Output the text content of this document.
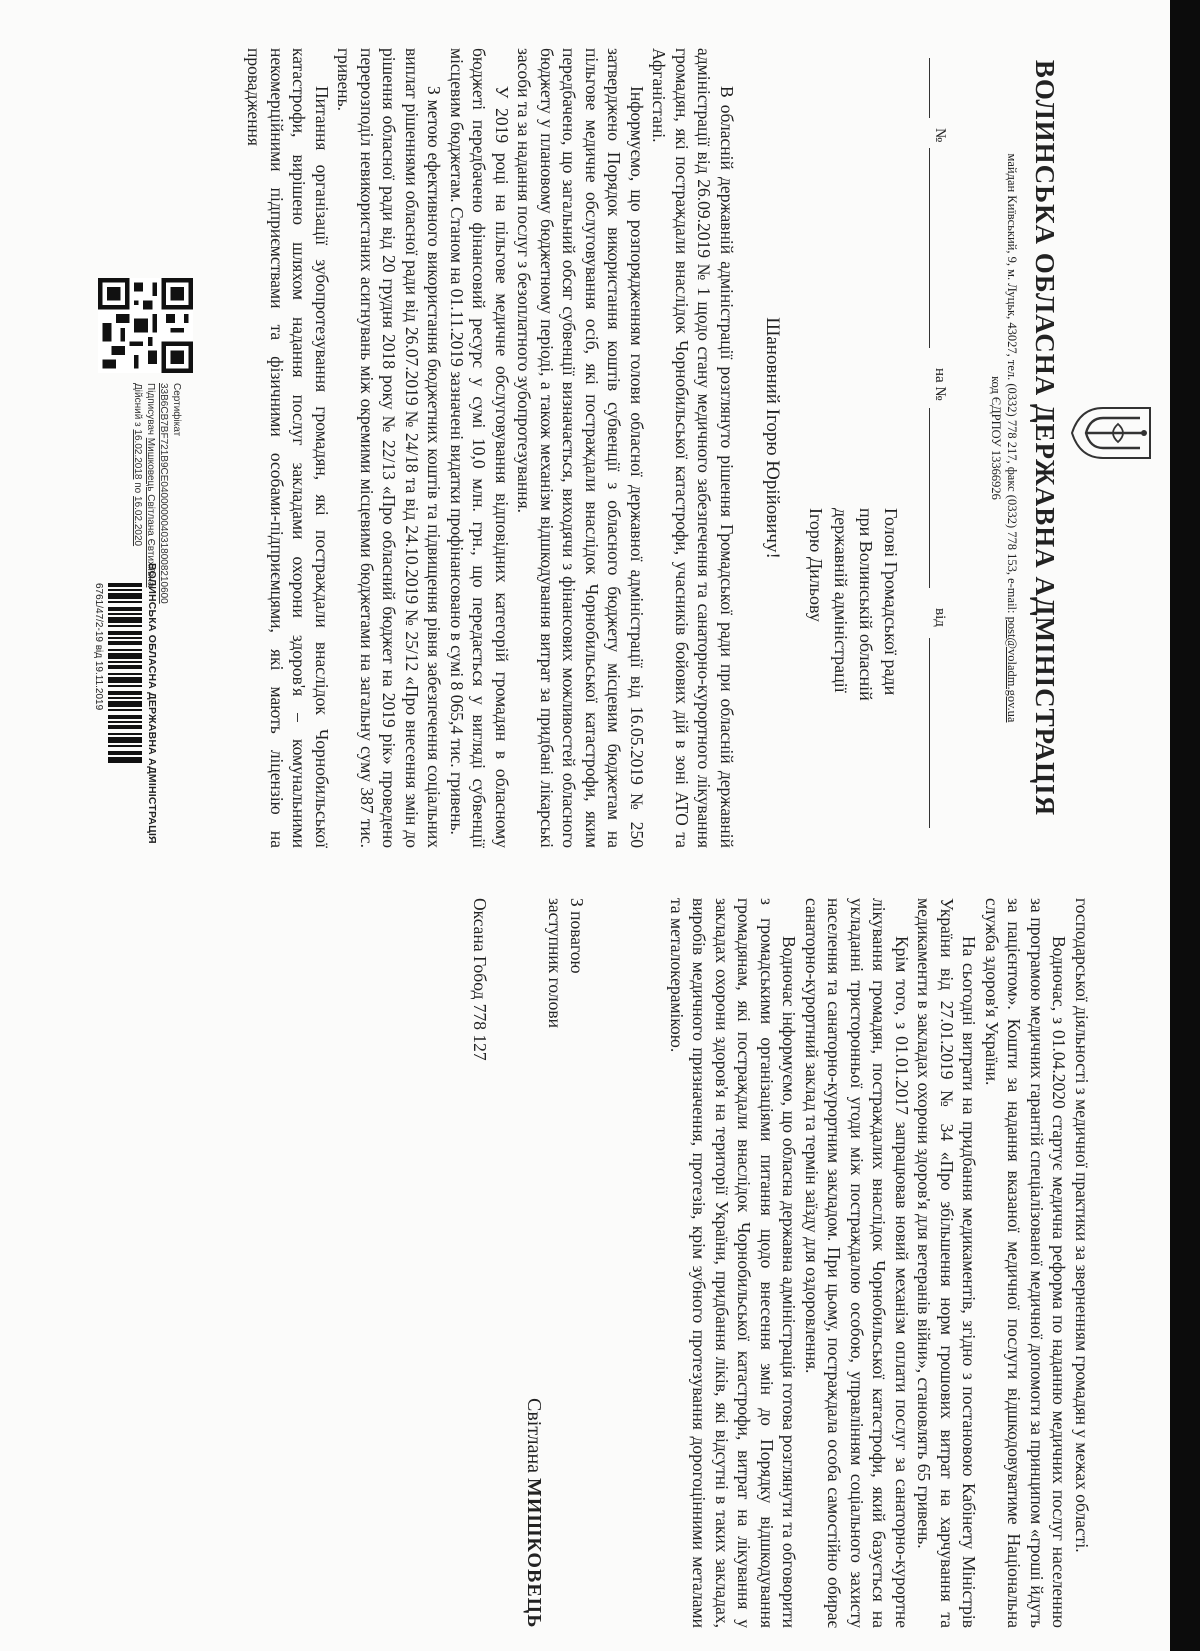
ВОЛИНСЬКА ОБЛАСНА ДЕРЖАВНА АДМІНІСТРАЦІЯ
майдан Київський, 9, м. Луцьк, 43027, тел. (0332) 778 217, факс (0332) 778 153, e-mail: post@voladm.gov.ua
код ЄДРПОУ 13366926
№
на №
від
Голові Громадської ради
при Волинській обласній
державній адміністрації
Ігорю Дильову
Шановний Ігорю Юрійовичу!

В обласній державній адміністрації розглянуто рішення Громадської ради при обласній державній адміністрації від 26.09.2019 № 1 щодо стану медичного забезпечення та санаторно-курортного лікування громадян, які постраждали внаслідок Чорнобильської катастрофи, учасників бойових дій в зоні АТО та Афганістані.

Інформуємо, що розпорядженням голови обласної державної адміністрації від 16.05.2019 № 250 затверджено Порядок використання коштів субвенції з обласного бюджету місцевим бюджетам на пільгове медичне обслуговування осіб, які постраждали внаслідок Чорнобильської катастрофи, яким передбачено, що загальний обсяг субвенції визначається, виходячи з фінансових можливостей обласного бюджету у плановому бюджетному періоді, а також механізм відшкодування витрат за придбані лікарські засоби та за надання послуг з безоплатного зубопротезування.

У 2019 році на пільгове медичне обслуговування відповідних категорій громадян в обласному бюджеті передбачено фінансовий ресурс у сумі 10,0 млн. грн., що передається у вигляді субвенції місцевим бюджетам. Станом на 01.11.2019 зазначені видатки профінансовано в сумі 8 065,4 тис. гривень.

З метою ефективного використання бюджетних коштів та підвищення рівня забезпечення соціальних виплат рішеннями обласної ради від 26.07.2019 № 24/18 та від 24.10.2019 № 25/12 «Про внесення змін до рішення обласної ради від 20 грудня 2018 року № 22/13 «Про обласний бюджет на 2019 рік» проведено перерозподіл невикористаних асигнувань між окремими місцевими бюджетами на загальну суму 387 тис. гривень.

Питання організації зубопротезування громадян, які постраждали внаслідок Чорнобильської катастрофи, вирішено шляхом надання послуг закладами охорони здоров'я – комунальними некомерційними підприємствами та фізичними особами-підприємцями, які мають ліцензію на провадження

Сертифікат
33B6CB7BF721B9CE0400000040318008210600
Підписувач Мишковець Світлана Євтихіївна
Дійсний з 16.02.2018 по 16.02.2020
ВОЛИНСЬКА ОБЛАСНА ДЕРЖАВНА АДМІНІСТРАЦІЯ
6761/47/2-19 від 19.11.2019

господарської діяльності з медичної практики за зверненням громадян у межах області.

Водночас, з 01.04.2020 стартує медична реформа по наданню медичних послуг населенню за програмою медичних гарантій спеціалізованої медичної допомоги за принципом «гроші йдуть за пацієнтом». Кошти за надання вказаної медичної послуги відшкодовуватиме Національна служба здоров'я України.

На сьогодні витрати на придбання медикаментів, згідно з постановою Кабінету Міністрів України від 27.01.2019 № 34 «Про збільшення норм грошових витрат на харчування та медикаменти в закладах охорони здоров'я для ветеранів війни», становлять 65 гривень.

Крім того, з 01.01.2017 запрацював новий механізм оплати послуг за санаторно-курортне лікування громадян, постраждалих внаслідок Чорнобильської катастрофи, який базується на укладанні тристоронньої угоди між постраждалою особою, управлінням соціального захисту населення та санаторно-курортним закладом. При цьому, постраждала особа самостійно обирає санаторно-курортний заклад та термін заїзду для оздоровлення.

Водночас інформуємо, що обласна державна адміністрація готова розглянути та обговорити з громадськими організаціями питання щодо внесення змін до Порядку відшкодування громадянам, які постраждали внаслідок Чорнобильської катастрофи, витрат на лікування у закладах охорони здоров'я на території України, придбання ліків, які відсутні в таких закладах, виробів медичного призначення, протезів, крім зубного протезування дорогоцінними металами та металокерамікою.

З повагою
заступник голови
Світлана МИШКОВЕЦЬ
Оксана Гобод 778 127
